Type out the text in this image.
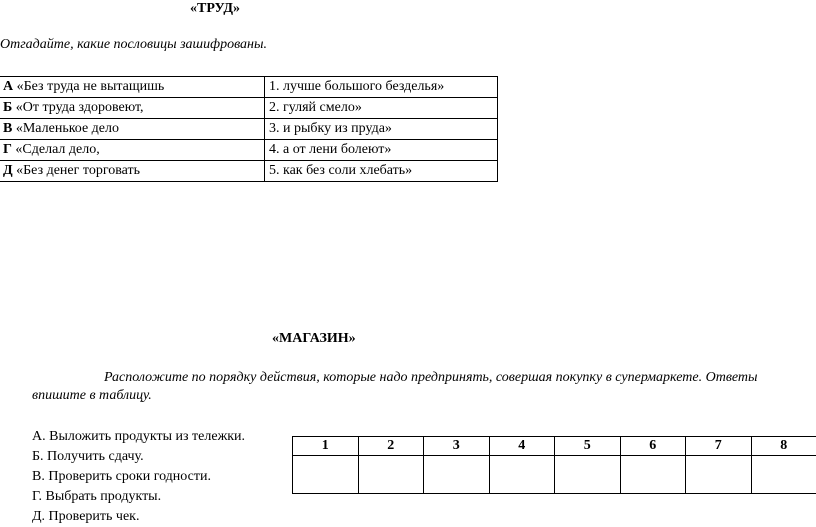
«ТРУД»
Отгадайте, какие пословицы зашифрованы.
А «Без труда не вытащишь	1. лучше большого безделья»
Б «От труда здоровеют,	2. гуляй смело»
В «Маленькое дело	3. и рыбку из пруда»
Г «Сделал дело,	4. а от лени болеют»
Д «Без денег торговать	5. как без соли хлебать»
«МАГАЗИН»
Расположите по порядку действия, которые надо предпринять, совершая покупку в супермаркете. Ответы
впишите в таблицу.
А. Выложить продукты из тележки.
Б. Получить сдачу.
В. Проверить сроки годности.
Г. Выбрать продукты.
Д. Проверить чек.
1	2	3	4	5	6	7	8
